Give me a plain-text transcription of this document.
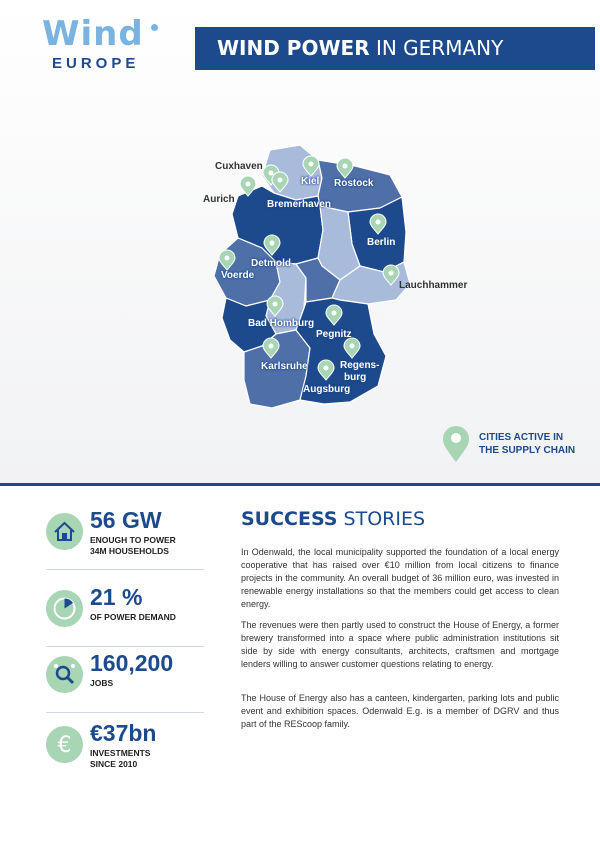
Wind
EUROPE
WIND POWER IN GERMANY
Cuxhaven
Aurich
Kiel Rostock
Bremerhaven
Berlin
Detmold
Voerde
Lauchhammer
Bad Homburg
Pegnitz
Karlsruhe	Regens-
burg
Augsburg
CITIES ACTIVE IN
THE SUPPLY CHAIN
56 GW
ENOUGH TO POWER
34M HOUSEHOLDS
21 %
OF POWER DEMAND
160,200
JOBS
€ €37bn
INVESTMENTS
SINCE 2010
SUCCESS STORIES
In Odenwald, the local municipality supported the foundation of a local energy cooperative that has raised over €10 million from local citizens to finance projects in the community. An overall budget of 36 million euro, was invested in renewable energy installations so that the members could get access to clean energy.
The revenues were then partly used to construct the House of Energy, a former brewery transformed into a space where public administration institutions sit side by side with energy consultants, architects, craftsmen and mortgage lenders willing to answer customer questions relating to energy.
The House of Energy also has a canteen, kindergarten, parking lots and public event and exhibition spaces. Odenwald E.g. is a member of DGRV and thus part of the REScoop family.
